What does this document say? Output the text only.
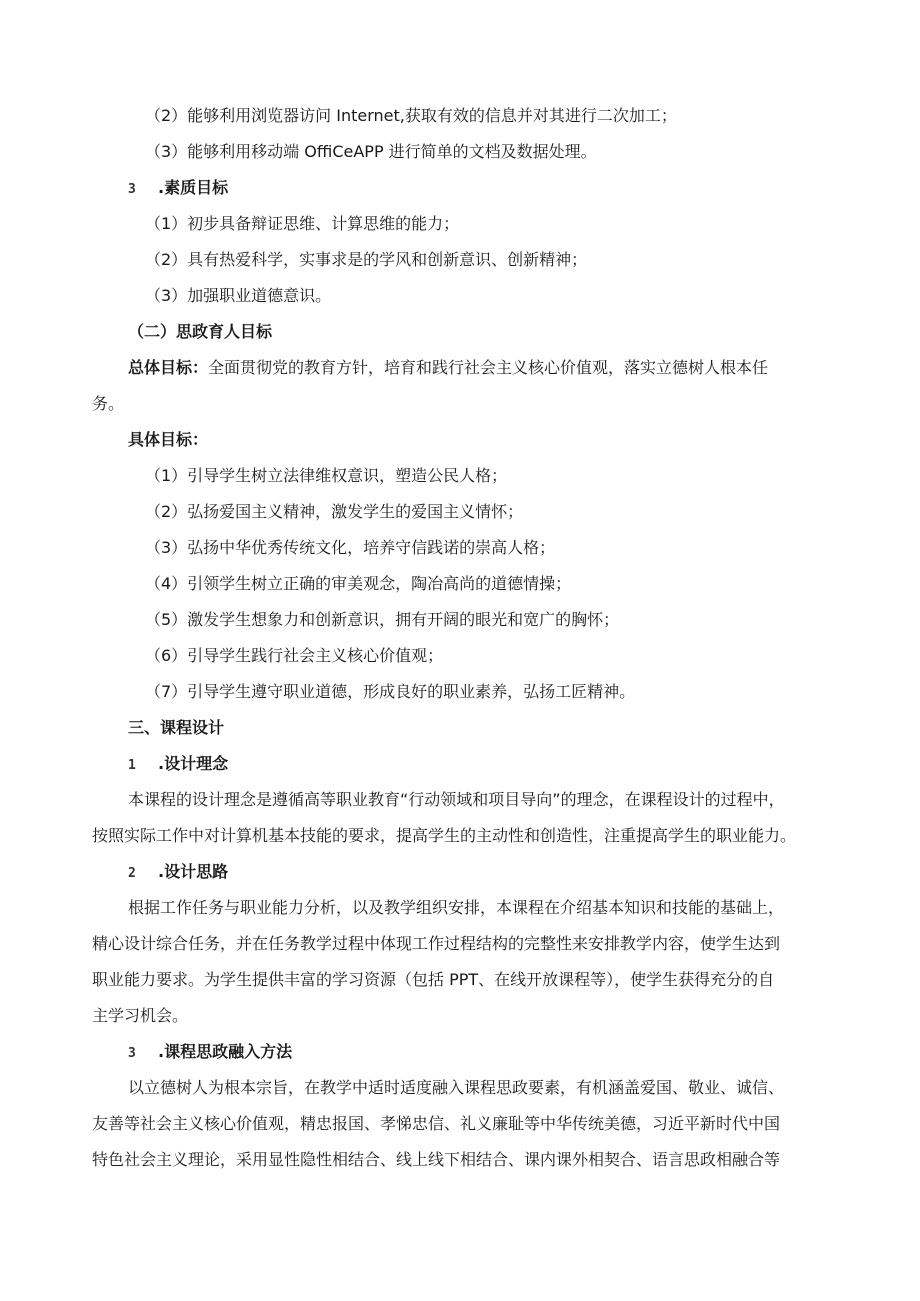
（2）能够利用浏览器访问 Internet,获取有效的信息并对其进行二次加工；
（3）能够利用移动端 OffiCeAPP 进行简单的文档及数据处理。
3 .素质目标
（1）初步具备辩证思维、计算思维的能力；
（2）具有热爱科学，实事求是的学风和创新意识、创新精神；
（3）加强职业道德意识。
（二）思政育人目标
总体目标：全面贯彻党的教育方针，培育和践行社会主义核心价值观，落实立德树人根本任
务。
具体目标：
（1）引导学生树立法律维权意识，塑造公民人格；
（2）弘扬爱国主义精神，激发学生的爱国主义情怀；
（3）弘扬中华优秀传统文化，培养守信践诺的崇高人格；
（4）引领学生树立正确的审美观念，陶冶高尚的道德情操；
（5）激发学生想象力和创新意识，拥有开阔的眼光和宽广的胸怀；
（6）引导学生践行社会主义核心价值观；
（7）引导学生遵守职业道德，形成良好的职业素养，弘扬工匠精神。
三、课程设计
1 .设计理念
本课程的设计理念是遵循高等职业教育“行动领域和项目导向”的理念，在课程设计的过程中，
按照实际工作中对计算机基本技能的要求，提高学生的主动性和创造性，注重提高学生的职业能力。
2 .设计思路
根据工作任务与职业能力分析，以及教学组织安排，本课程在介绍基本知识和技能的基础上，
精心设计综合任务，并在任务教学过程中体现工作过程结构的完整性来安排教学内容，使学生达到
职业能力要求。为学生提供丰富的学习资源（包括 PPT、在线开放课程等），使学生获得充分的自
主学习机会。
3 .课程思政融入方法
以立德树人为根本宗旨，在教学中适时适度融入课程思政要素，有机涵盖爱国、敬业、诚信、
友善等社会主义核心价值观，精忠报国、孝悌忠信、礼义廉耻等中华传统美德，习近平新时代中国
特色社会主义理论，采用显性隐性相结合、线上线下相结合、课内课外相契合、语言思政相融合等
